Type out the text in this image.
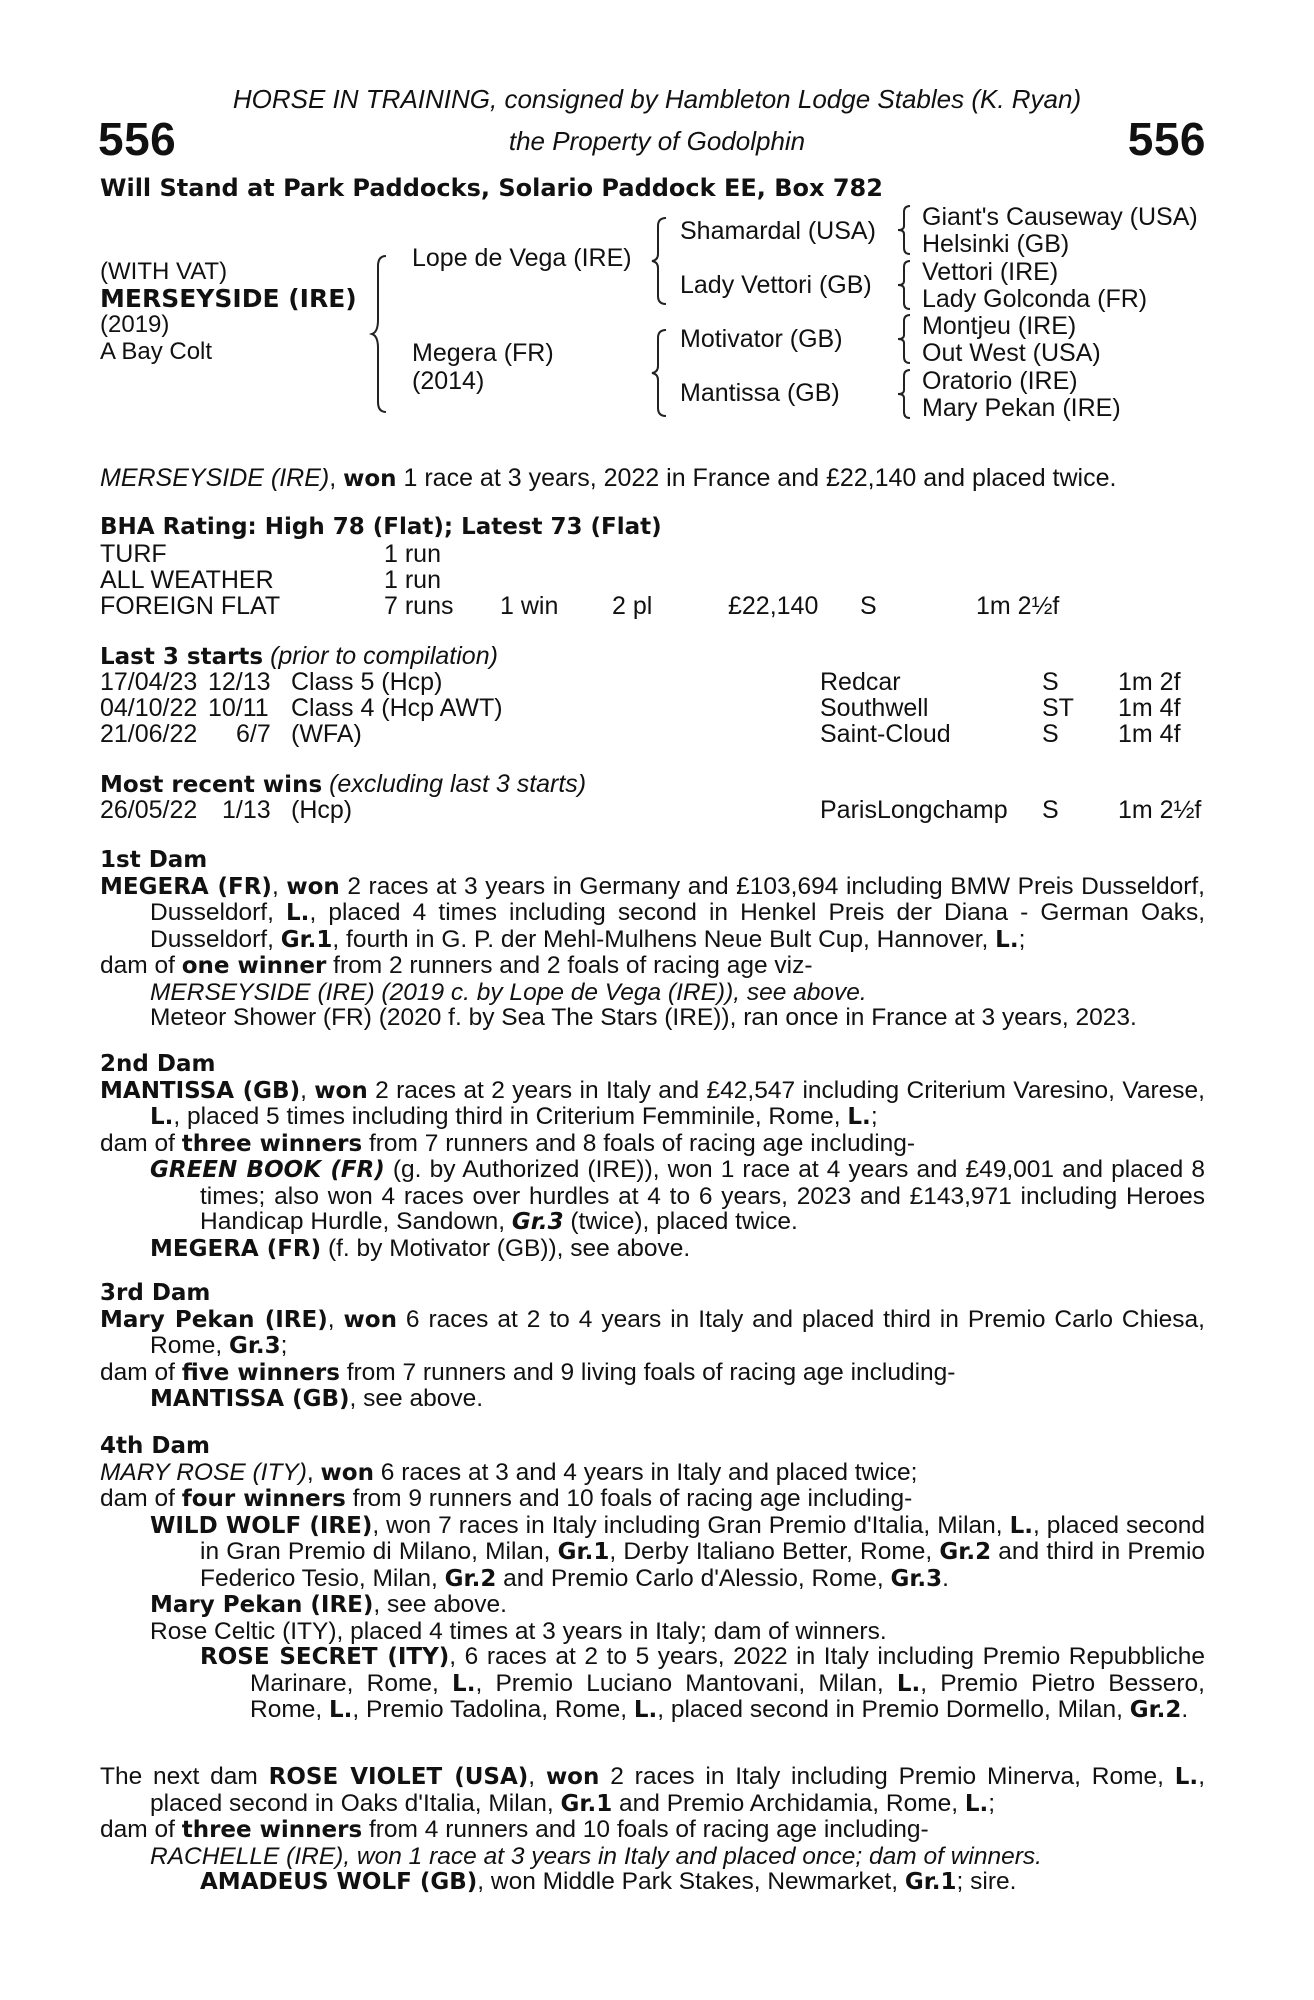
HORSE IN TRAINING, consigned by Hambleton Lodge Stables (K. Ryan)
556	the Property of Godolphin	556
Will Stand at Park Paddocks, Solario Paddock EE, Box 782
(WITH VAT)
MERSEYSIDE (IRE)
(2019)
A Bay Colt
Lope de Vega (IRE)
Megera (FR)
(2014)
Shamardal (USA)
Lady Vettori (GB)
Motivator (GB)
Mantissa (GB)
Giant's Causeway (USA)
Helsinki (GB)
Vettori (IRE)
Lady Golconda (FR)
Montjeu (IRE)
Out West (USA)
Oratorio (IRE)
Mary Pekan (IRE)
MERSEYSIDE (IRE), won 1 race at 3 years, 2022 in France and £22,140 and placed twice.
BHA Rating: High 78 (Flat); Latest 73 (Flat)
TURF	1 run
ALL WEATHER	1 run
FOREIGN FLAT	7 runs 1 win 2 pl	£22,140 S	1m 2½f
Last 3 starts (prior to compilation)
17/04/23 12/13 Class 5 (Hcp)	Redcar	S 1m 2f
04/10/22 10/11 Class 4 (Hcp AWT)	Southwell	ST 1m 4f
21/06/22 6/7 (WFA)	Saint-Cloud	S 1m 4f
Most recent wins (excluding last 3 starts)
26/05/22 1/13 (Hcp)	ParisLongchamp S 1m 2½f

1st Dam

MEGERA (FR), won 2 races at 3 years in Germany and £103,694 including BMW Preis Dusseldorf, Dusseldorf, L., placed 4 times including second in Henkel Preis der Diana - German Oaks, Dusseldorf, Gr.1, fourth in G. P. der Mehl-Mulhens Neue Bult Cup, Hannover, L.;

dam of one winner from 2 runners and 2 foals of racing age viz-

MERSEYSIDE (IRE) (2019 c. by Lope de Vega (IRE)), see above.

Meteor Shower (FR) (2020 f. by Sea The Stars (IRE)), ran once in France at 3 years, 2023.

2nd Dam

MANTISSA (GB), won 2 races at 2 years in Italy and £42,547 including Criterium Varesino, Varese, L., placed 5 times including third in Criterium Femminile, Rome, L.;

dam of three winners from 7 runners and 8 foals of racing age including-

GREEN BOOK (FR) (g. by Authorized (IRE)), won 1 race at 4 years and £49,001 and placed 8 times; also won 4 races over hurdles at 4 to 6 years, 2023 and £143,971 including Heroes Handicap Hurdle, Sandown, Gr.3 (twice), placed twice.

MEGERA (FR) (f. by Motivator (GB)), see above.

3rd Dam

Mary Pekan (IRE), won 6 races at 2 to 4 years in Italy and placed third in Premio Carlo Chiesa, Rome, Gr.3;

dam of five winners from 7 runners and 9 living foals of racing age including-

MANTISSA (GB), see above.

4th Dam

MARY ROSE (ITY), won 6 races at 3 and 4 years in Italy and placed twice;

dam of four winners from 9 runners and 10 foals of racing age including-

WILD WOLF (IRE), won 7 races in Italy including Gran Premio d'Italia, Milan, L., placed second in Gran Premio di Milano, Milan, Gr.1, Derby Italiano Better, Rome, Gr.2 and third in Premio Federico Tesio, Milan, Gr.2 and Premio Carlo d'Alessio, Rome, Gr.3.

Mary Pekan (IRE), see above.

Rose Celtic (ITY), placed 4 times at 3 years in Italy; dam of winners.

ROSE SECRET (ITY), 6 races at 2 to 5 years, 2022 in Italy including Premio Repubbliche Marinare, Rome, L., Premio Luciano Mantovani, Milan, L., Premio Pietro Bessero, Rome, L., Premio Tadolina, Rome, L., placed second in Premio Dormello, Milan, Gr.2.

The next dam ROSE VIOLET (USA), won 2 races in Italy including Premio Minerva, Rome, L., placed second in Oaks d'Italia, Milan, Gr.1 and Premio Archidamia, Rome, L.;

dam of three winners from 4 runners and 10 foals of racing age including-

RACHELLE (IRE), won 1 race at 3 years in Italy and placed once; dam of winners.

AMADEUS WOLF (GB), won Middle Park Stakes, Newmarket, Gr.1; sire.
